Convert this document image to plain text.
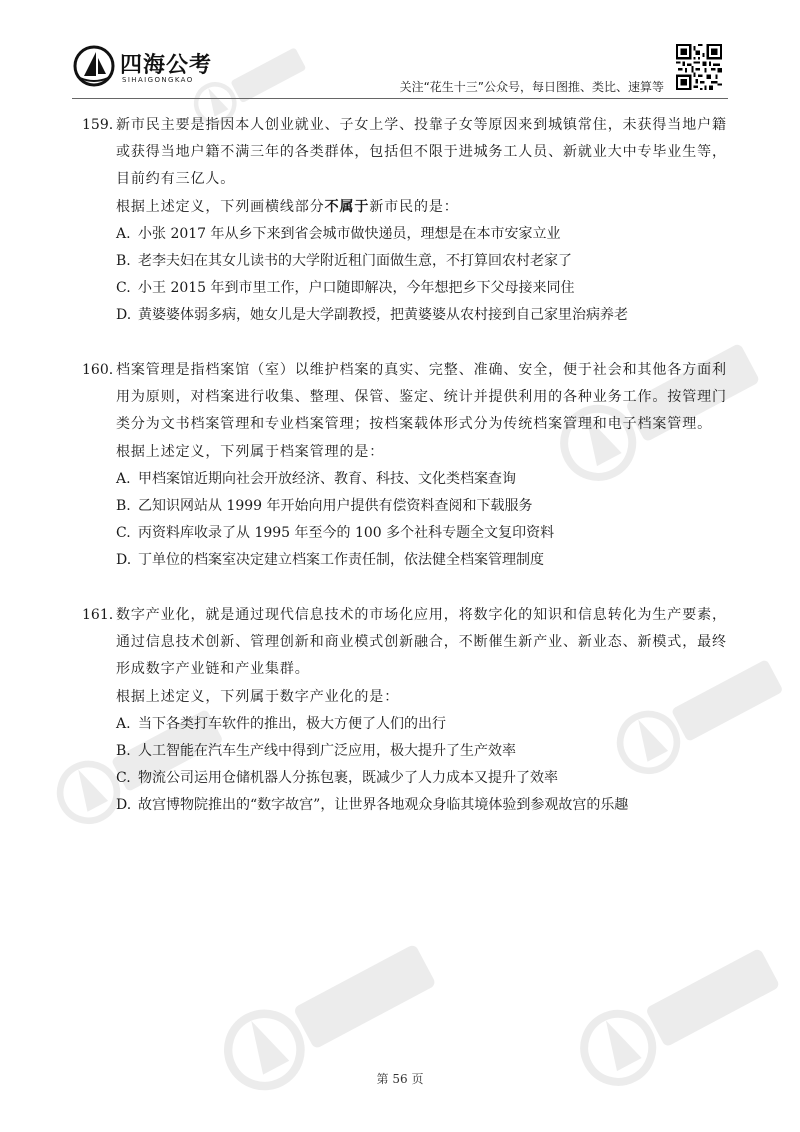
四海公考
SIHAIGONGKAO	关注“花生十三”公众号，每日图推、类比、速算等
159. 新市民主要是指因本人创业就业、子女上学、投靠子女等原因来到城镇常住，未获得当地户籍或获得当地户籍不满三年的各类群体，包括但不限于进城务工人员、新就业大中专毕业生等，目前约有三亿人。

根据上述定义，下列画横线部分不属于新市民的是：

A. 小张 2017 年从乡下来到省会城市做快递员，理想是在本市安家立业
B. 老李夫妇在其女儿读书的大学附近租门面做生意，不打算回农村老家了
C. 小王 2015 年到市里工作，户口随即解决，今年想把乡下父母接来同住
D. 黄婆婆体弱多病，她女儿是大学副教授，把黄婆婆从农村接到自己家里治病养老
160. 档案管理是指档案馆（室）以维护档案的真实、完整、准确、安全，便于社会和其他各方面利用为原则，对档案进行收集、整理、保管、鉴定、统计并提供利用的各种业务工作。按管理门类分为文书档案管理和专业档案管理；按档案载体形式分为传统档案管理和电子档案管理。

根据上述定义，下列属于档案管理的是：

A. 甲档案馆近期向社会开放经济、教育、科技、文化类档案查询
B. 乙知识网站从 1999 年开始向用户提供有偿资料查阅和下载服务
C. 丙资料库收录了从 1995 年至今的 100 多个社科专题全文复印资料
D. 丁单位的档案室决定建立档案工作责任制，依法健全档案管理制度
161. 数字产业化，就是通过现代信息技术的市场化应用，将数字化的知识和信息转化为生产要素，通过信息技术创新、管理创新和商业模式创新融合，不断催生新产业、新业态、新模式，最终形成数字产业链和产业集群。

根据上述定义，下列属于数字产业化的是：

A. 当下各类打车软件的推出，极大方便了人们的出行
B. 人工智能在汽车生产线中得到广泛应用，极大提升了生产效率
C. 物流公司运用仓储机器人分拣包裹，既减少了人力成本又提升了效率
D. 故宫博物院推出的“数字故宫”，让世界各地观众身临其境体验到参观故宫的乐趣
第 56 页
